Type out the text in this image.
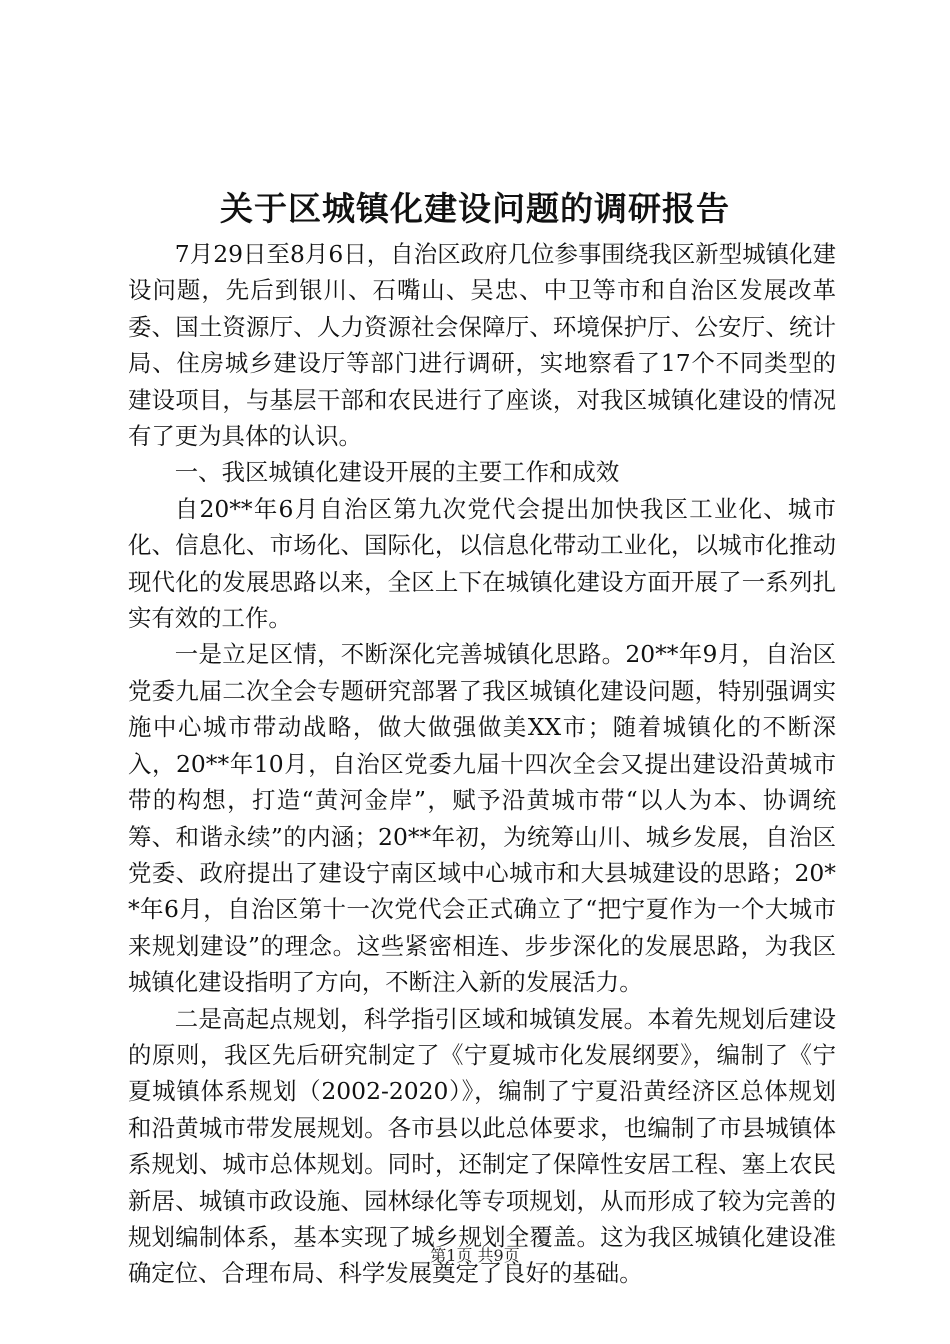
关于区城镇化建设问题的调研报告

7月29日至8月6日，自治区政府几位参事围绕我区新型城镇化建设问题，先后到银川、石嘴山、吴忠、中卫等市和自治区发展改革委、国土资源厅、人力资源社会保障厅、环境保护厅、公安厅、统计局、住房城乡建设厅等部门进行调研，实地察看了17个不同类型的建设项目，与基层干部和农民进行了座谈，对我区城镇化建设的情况有了更为具体的认识。

一、我区城镇化建设开展的主要工作和成效

自20**年6月自治区第九次党代会提出加快我区工业化、城市化、信息化、市场化、国际化，以信息化带动工业化，以城市化推动现代化的发展思路以来，全区上下在城镇化建设方面开展了一系列扎实有效的工作。

一是立足区情，不断深化完善城镇化思路。20**年9月，自治区党委九届二次全会专题研究部署了我区城镇化建设问题，特别强调实施中心城市带动战略，做大做强做美XX市；随着城镇化的不断深入，20**年10月，自治区党委九届十四次全会又提出建设沿黄城市带的构想，打造“黄河金岸”，赋予沿黄城市带“以人为本、协调统筹、和谐永续”的内涵；20**年初，为统筹山川、城乡发展，自治区党委、政府提出了建设宁南区域中心城市和大县城建设的思路；20**年6月，自治区第十一次党代会正式确立了“把宁夏作为一个大城市来规划建设”的理念。这些紧密相连、步步深化的发展思路，为我区城镇化建设指明了方向，不断注入新的发展活力。

二是高起点规划，科学指引区域和城镇发展。本着先规划后建设的原则，我区先后研究制定了《宁夏城市化发展纲要》，编制了《宁夏城镇体系规划（2002-2020）》，编制了宁夏沿黄经济区总体规划和沿黄城市带发展规划。各市县以此总体要求，也编制了市县城镇体系规划、城市总体规划。同时，还制定了保障性安居工程、塞上农民新居、城镇市政设施、园林绿化等专项规划，从而形成了较为完善的规划编制体系，基本实现了城乡规划全覆盖。这为我区城镇化建设准确定位、合理布局、科学发展奠定了良好的基础。

第1页 共9页
